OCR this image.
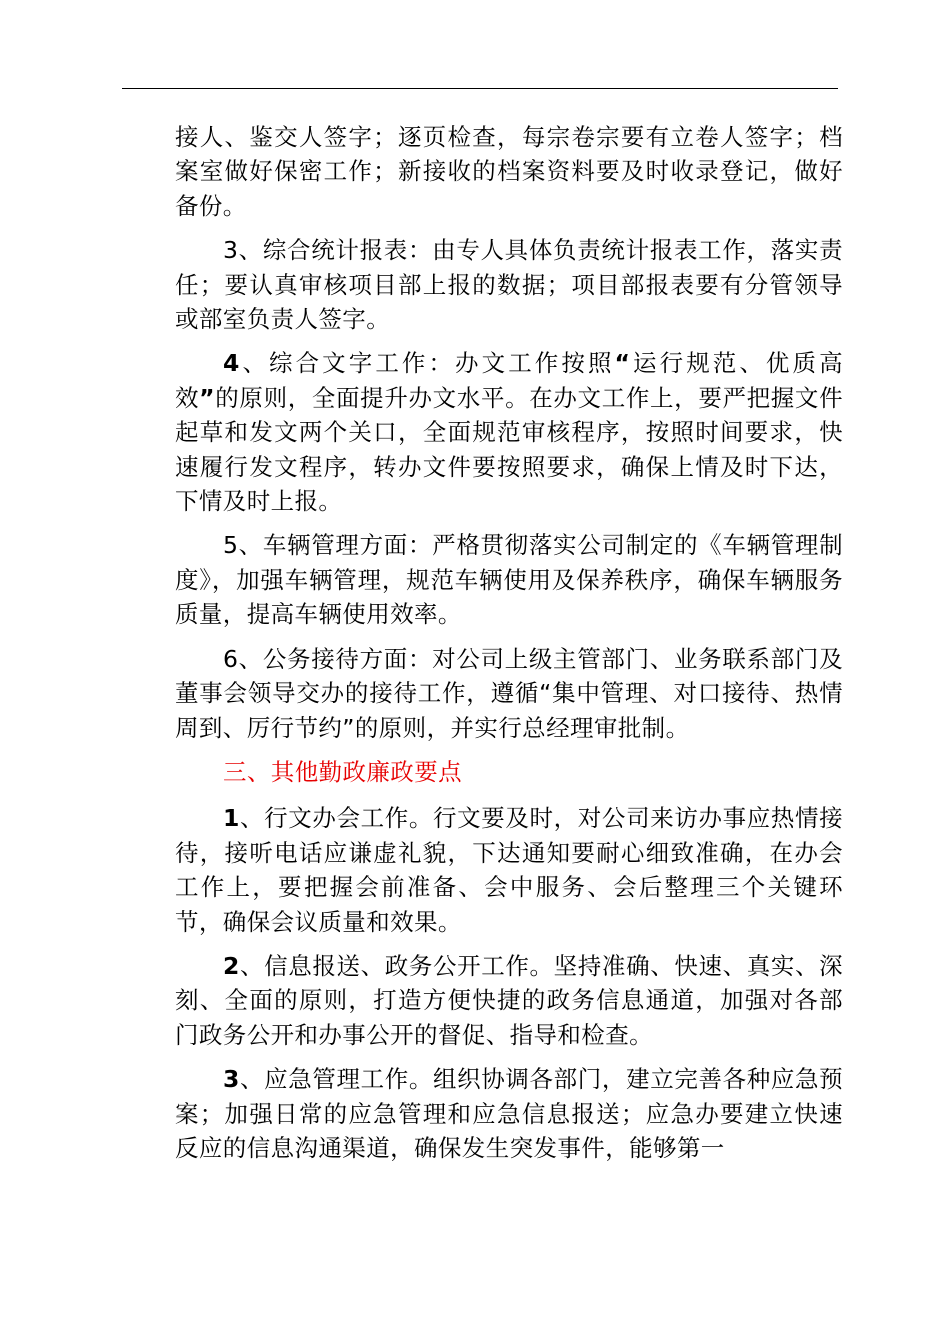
接人、鉴交人签字；逐页检查，每宗卷宗要有立卷人签字；档案室做好保密工作；新接收的档案资料要及时收录登记，做好备份。

3、综合统计报表：由专人具体负责统计报表工作，落实责任；要认真审核项目部上报的数据；项目部报表要有分管领导或部室负责人签字。

4、综合文字工作：办文工作按照“运行规范、优质高效”的原则，全面提升办文水平。在办文工作上，要严把握文件起草和发文两个关口，全面规范审核程序，按照时间要求，快速履行发文程序，转办文件要按照要求，确保上情及时下达，下情及时上报。

5、车辆管理方面：严格贯彻落实公司制定的《车辆管理制度》，加强车辆管理，规范车辆使用及保养秩序，确保车辆服务质量，提高车辆使用效率。

6、公务接待方面：对公司上级主管部门、业务联系部门及董事会领导交办的接待工作，遵循“集中管理、对口接待、热情周到、厉行节约”的原则，并实行总经理审批制。

三、其他勤政廉政要点

1、行文办会工作。行文要及时，对公司来访办事应热情接待，接听电话应谦虚礼貌，下达通知要耐心细致准确，在办会工作上，要把握会前准备、会中服务、会后整理三个关键环节，确保会议质量和效果。

2、信息报送、政务公开工作。坚持准确、快速、真实、深刻、全面的原则，打造方便快捷的政务信息通道，加强对各部门政务公开和办事公开的督促、指导和检查。

3、应急管理工作。组织协调各部门，建立完善各种应急预案；加强日常的应急管理和应急信息报送；应急办要建立快速反应的信息沟通渠道，确保发生突发事件，能够第一
